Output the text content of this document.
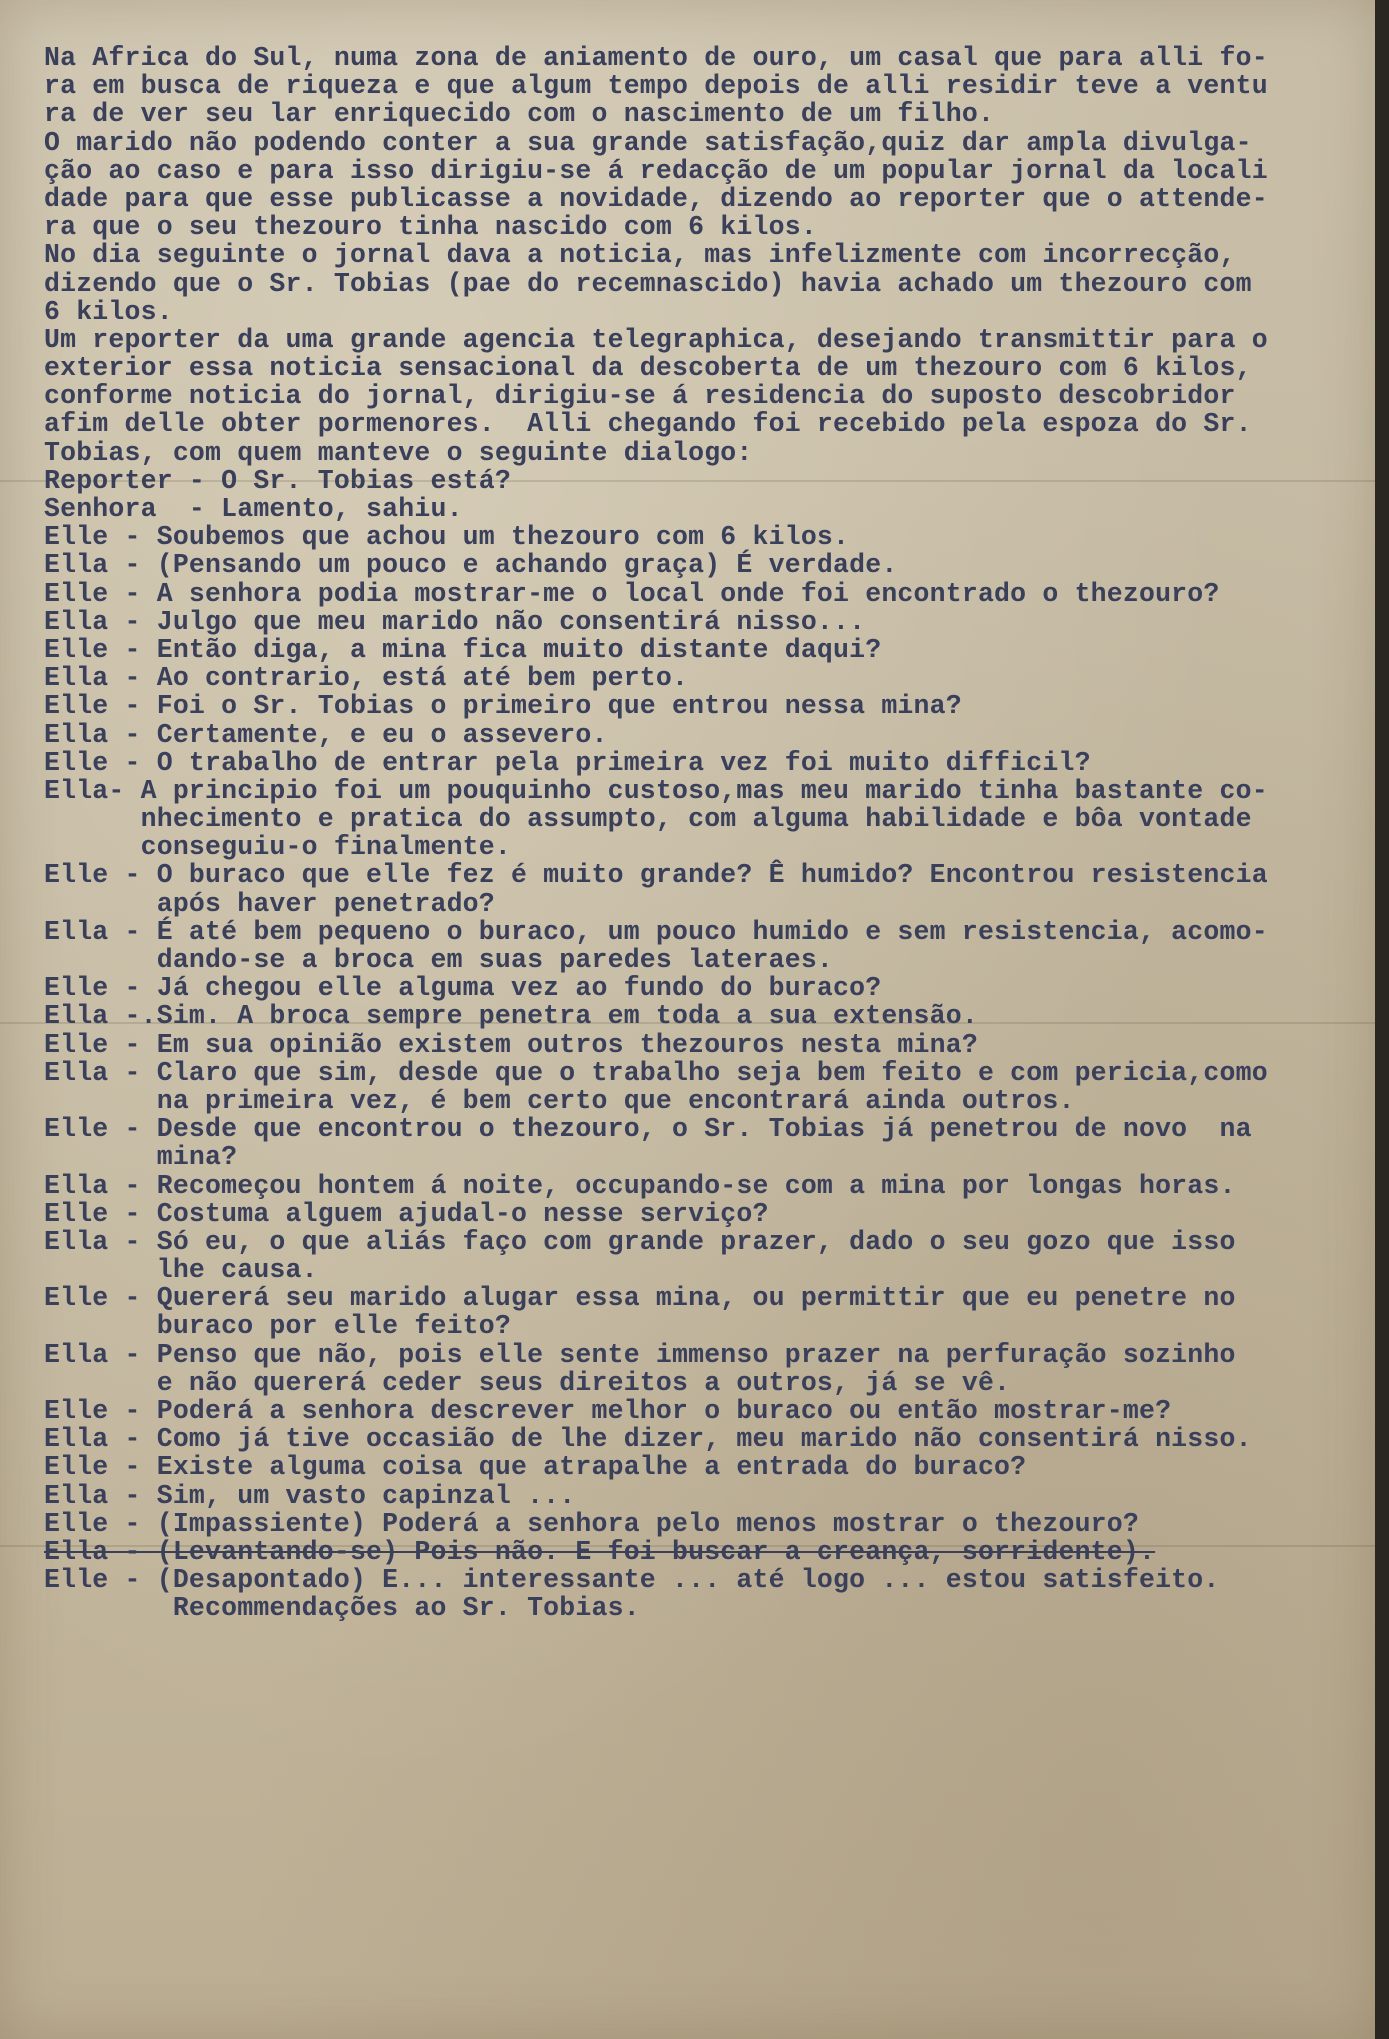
Na Africa do Sul, numa zona de aniamento de ouro, um casal que para alli fo-
ra em busca de riqueza e que algum tempo depois de alli residir teve a ventu
ra de ver seu lar enriquecido com o nascimento de um filho.
O marido não podendo conter a sua grande satisfação,quiz dar ampla divulga-
ção ao caso e para isso dirigiu-se á redacção de um popular jornal da locali
dade para que esse publicasse a novidade, dizendo ao reporter que o attende-
ra que o seu thezouro tinha nascido com 6 kilos.
No dia seguinte o jornal dava a noticia, mas infelizmente com incorrecção,
dizendo que o Sr. Tobias (pae do recemnascido) havia achado um thezouro com
6 kilos.
Um reporter da uma grande agencia telegraphica, desejando transmittir para o
exterior essa noticia sensacional da descoberta de um thezouro com 6 kilos,
conforme noticia do jornal, dirigiu-se á residencia do suposto descobridor
afim delle obter pormenores.  Alli chegando foi recebido pela espoza do Sr.
Tobias, com quem manteve o seguinte dialogo:
Reporter - O Sr. Tobias está?
Senhora  - Lamento, sahiu.
Elle - Soubemos que achou um thezouro com 6 kilos.
Ella - (Pensando um pouco e achando graça) É verdade.
Elle - A senhora podia mostrar-me o local onde foi encontrado o thezouro?
Ella - Julgo que meu marido não consentirá nisso...
Elle - Então diga, a mina fica muito distante daqui?
Ella - Ao contrario, está até bem perto.
Elle - Foi o Sr. Tobias o primeiro que entrou nessa mina?
Ella - Certamente, e eu o assevero.
Elle - O trabalho de entrar pela primeira vez foi muito difficil?
Ella- A principio foi um pouquinho custoso,mas meu marido tinha bastante co-
nhecimento e pratica do assumpto, com alguma habilidade e bôa vontade
conseguiu-o finalmente.
Elle - O buraco que elle fez é muito grande? Ê humido? Encontrou resistencia
após haver penetrado?
Ella - É até bem pequeno o buraco, um pouco humido e sem resistencia, acomo-
dando-se a broca em suas paredes lateraes.
Elle - Já chegou elle alguma vez ao fundo do buraco?
Ella -.Sim. A broca sempre penetra em toda a sua extensão.
Elle - Em sua opinião existem outros thezouros nesta mina?
Ella - Claro que sim, desde que o trabalho seja bem feito e com pericia,como
na primeira vez, é bem certo que encontrará ainda outros.
Elle - Desde que encontrou o thezouro, o Sr. Tobias já penetrou de novo  na
mina?
Ella - Recomeçou hontem á noite, occupando-se com a mina por longas horas.
Elle - Costuma alguem ajudal-o nesse serviço?
Ella - Só eu, o que aliás faço com grande prazer, dado o seu gozo que isso
lhe causa.
Elle - Quererá seu marido alugar essa mina, ou permittir que eu penetre no
buraco por elle feito?
Ella - Penso que não, pois elle sente immenso prazer na perfuração sozinho
e não quererá ceder seus direitos a outros, já se vê.
Elle - Poderá a senhora descrever melhor o buraco ou então mostrar-me?
Ella - Como já tive occasião de lhe dizer, meu marido não consentirá nisso.
Elle - Existe alguma coisa que atrapalhe a entrada do buraco?
Ella - Sim, um vasto capinzal ...
Elle - (Impassiente) Poderá a senhora pelo menos mostrar o thezouro?
Ella - (Levantando-se) Pois não. E foi buscar a creança, sorridente).
Elle - (Desapontado) E... interessante ... até logo ... estou satisfeito.
Recommendações ao Sr. Tobias.
